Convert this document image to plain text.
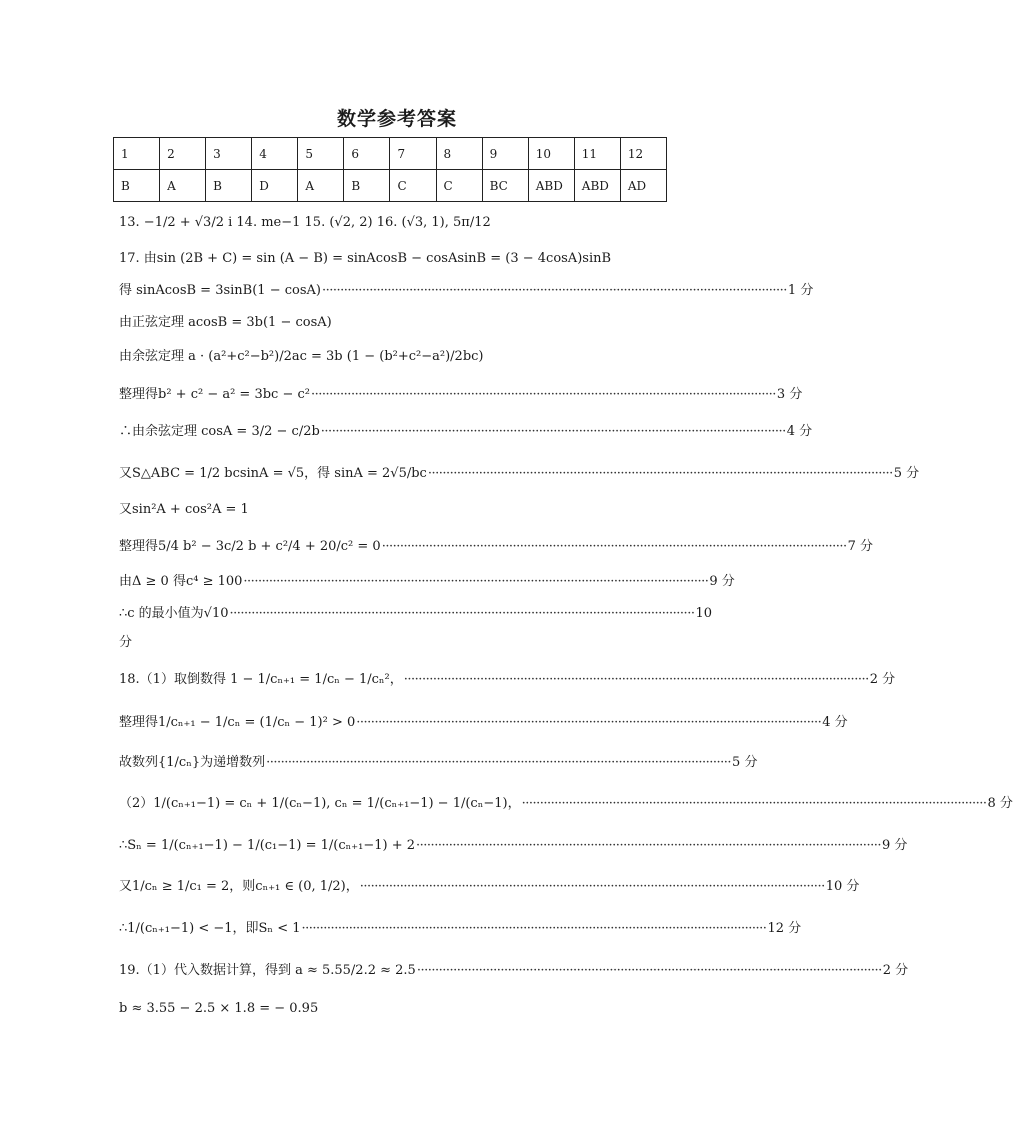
数学参考答案
1	2	3	4	5	6	7	8	9	10	11	12
B	A	B	D	A	B	C	C	BC	ABD	ABD	AD
13. −1/2 + √3/2 i 14. me−1 15. (√2, 2) 16. (√3, 1), 5π/12
17. 由sin (2B + C) = sin (A − B) = sinAcosB − cosAsinB = (3 − 4cosA)sinB
得 sinAcosB = 3sinB(1 − cosA) ································································································································ 1 分
由正弦定理 acosB = 3b(1 − cosA)
由余弦定理 a · (a²+c²−b²)/2ac = 3b (1 − (b²+c²−a²)/2bc)
整理得b² + c² − a² = 3bc − c² ································································································································ 3 分
∴由余弦定理 cosA = 3/2 − c/2b ································································································································ 4 分
又S△ABC = 1/2 bcsinA = √5，得 sinA = 2√5/bc ································································································································ 5 分
又sin²A + cos²A = 1
整理得5/4 b² − 3c/2 b + c²/4 + 20/c² = 0 ································································································································ 7 分
由Δ ≥ 0 得c⁴ ≥ 100 ································································································································ 9 分
∴c 的最小值为√10 ································································································································ 10
分
18.（1）取倒数得 1 − 1/cₙ₊₁ = 1/cₙ − 1/cₙ²， ································································································································ 2 分
整理得1/cₙ₊₁ − 1/cₙ = (1/cₙ − 1)² > 0 ································································································································ 4 分
故数列{1/cₙ}为递增数列 ································································································································ 5 分
（2）1/(cₙ₊₁−1) = cₙ + 1/(cₙ−1), cₙ = 1/(cₙ₊₁−1) − 1/(cₙ−1)， ································································································································ 8 分
∴Sₙ = 1/(cₙ₊₁−1) − 1/(c₁−1) = 1/(cₙ₊₁−1) + 2 ································································································································ 9 分
又1/cₙ ≥ 1/c₁ = 2，则cₙ₊₁ ∈ (0, 1/2)， ································································································································ 10 分
∴1/(cₙ₊₁−1) < −1，即Sₙ < 1 ································································································································ 12 分
19.（1）代入数据计算，得到 a ≈ 5.55/2.2 ≈ 2.5 ································································································································ 2 分
b ≈ 3.55 − 2.5 × 1.8 = − 0.95
